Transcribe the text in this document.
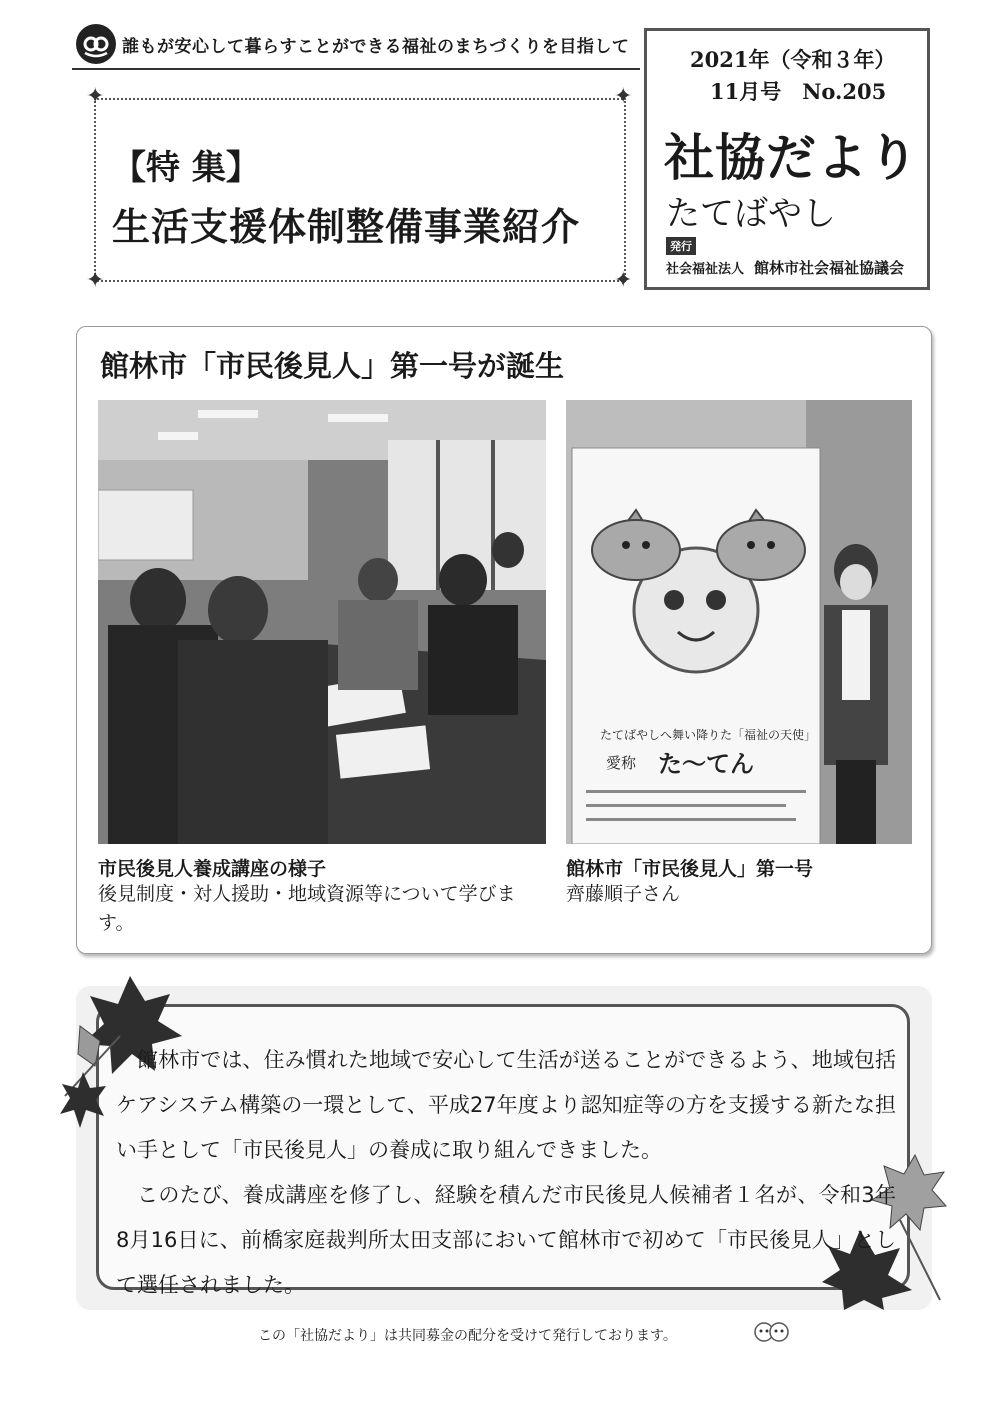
誰もが安心して暮らすことができる福祉のまちづくりを目指して
✦	✦
✦	✦
【特 集】
生活支援体制整備事業紹介
2021年（令和３年）
11月号　No.205
社協だより
たてばやし
発行
社会福祉法人 館林市社会福祉協議会
館林市「市民後見人」第一号が誕生
たてばやしへ舞い降りた「福祉の天使」
愛称 た～てん
市民後見人養成講座の様子
後見制度・対人援助・地域資源等について学びます。
館林市「市民後見人」第一号
齊藤順子さん

館林市では、住み慣れた地域で安心して生活が送ることができるよう、地域包括ケアシステム構築の一環として、平成27年度より認知症等の方を支援する新たな担い手として「市民後見人」の養成に取り組んできました。

このたび、養成講座を修了し、経験を積んだ市民後見人候補者１名が、令和3年8月16日に、前橋家庭裁判所太田支部において館林市で初めて「市民後見人」として選任されました。

この「社協だより」は共同募金の配分を受けて発行しております。
